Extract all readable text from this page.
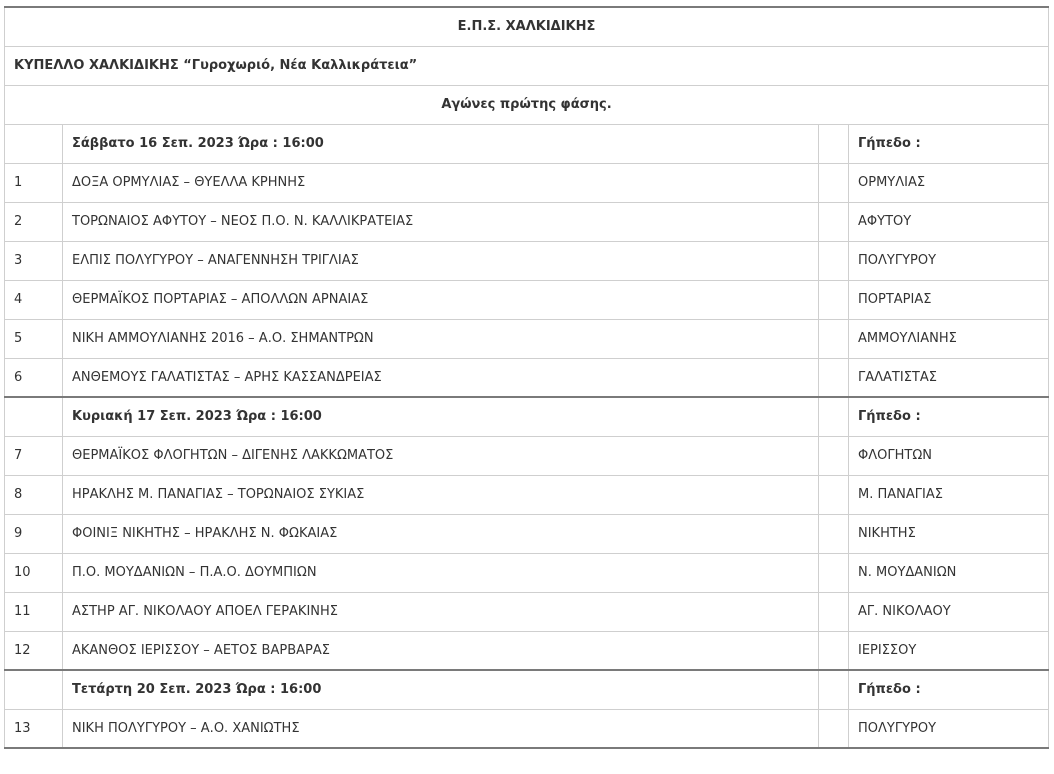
Ε.Π.Σ. ΧΑΛΚΙΔΙΚΗΣ			
ΚΥΠΕΛΛΟ ΧΑΛΚΙΔΙΚΗΣ “Γυροχωριό, Νέα Καλλικράτεια”			
Αγώνες πρώτης φάσης.			
	Σάββατο 16 Σεπ. 2023 Ώρα : 16:00		Γήπεδο :
1	ΔΟΞΑ ΟΡΜΥΛΙΑΣ – ΘΥΕΛΛΑ ΚΡΗΝΗΣ		ΟΡΜΥΛΙΑΣ
2	ΤΟΡΩΝΑΙΟΣ ΑΦΥΤΟΥ – ΝΕΟΣ Π.Ο. Ν. ΚΑΛΛΙΚΡΑΤΕΙΑΣ		ΑΦΥΤΟΥ
3	ΕΛΠΙΣ ΠΟΛΥΓΥΡΟΥ – ΑΝΑΓΕΝΝΗΣΗ ΤΡΙΓΛΙΑΣ		ΠΟΛΥΓΥΡΟΥ
4	ΘΕΡΜΑΪΚΟΣ ΠΟΡΤΑΡΙΑΣ – ΑΠΟΛΛΩΝ ΑΡΝΑΙΑΣ		ΠΟΡΤΑΡΙΑΣ
5	ΝΙΚΗ ΑΜΜΟΥΛΙΑΝΗΣ 2016 – Α.Ο. ΣΗΜΑΝΤΡΩΝ		ΑΜΜΟΥΛΙΑΝΗΣ
6	ΑΝΘΕΜΟΥΣ ΓΑΛΑΤΙΣΤΑΣ – ΑΡΗΣ ΚΑΣΣΑΝΔΡΕΙΑΣ		ΓΑΛΑΤΙΣΤΑΣ
	Κυριακή 17 Σεπ. 2023 Ώρα : 16:00		Γήπεδο :
7	ΘΕΡΜΑΪΚΟΣ ΦΛΟΓΗΤΩΝ – ΔΙΓΕΝΗΣ ΛΑΚΚΩΜΑΤΟΣ		ΦΛΟΓΗΤΩΝ
8	ΗΡΑΚΛΗΣ Μ. ΠΑΝΑΓΙΑΣ – ΤΟΡΩΝΑΙΟΣ ΣΥΚΙΑΣ		Μ. ΠΑΝΑΓΙΑΣ
9	ΦΟΙΝΙΞ ΝΙΚΗΤΗΣ – ΗΡΑΚΛΗΣ Ν. ΦΩΚΑΙΑΣ		ΝΙΚΗΤΗΣ
10	Π.Ο. ΜΟΥΔΑΝΙΩΝ – Π.Α.Ο. ΔΟΥΜΠΙΩΝ		Ν. ΜΟΥΔΑΝΙΩΝ
11	ΑΣΤΗΡ ΑΓ. ΝΙΚΟΛΑΟΥ ΑΠΟΕΛ ΓΕΡΑΚΙΝΗΣ		ΑΓ. ΝΙΚΟΛΑΟΥ
12	ΑΚΑΝΘΟΣ ΙΕΡΙΣΣΟΥ – ΑΕΤΟΣ ΒΑΡΒΑΡΑΣ		ΙΕΡΙΣΣΟΥ
	Τετάρτη 20 Σεπ. 2023 Ώρα : 16:00		Γήπεδο :
13	ΝΙΚΗ ΠΟΛΥΓΥΡΟΥ – Α.Ο. ΧΑΝΙΩΤΗΣ		ΠΟΛΥΓΥΡΟΥ
